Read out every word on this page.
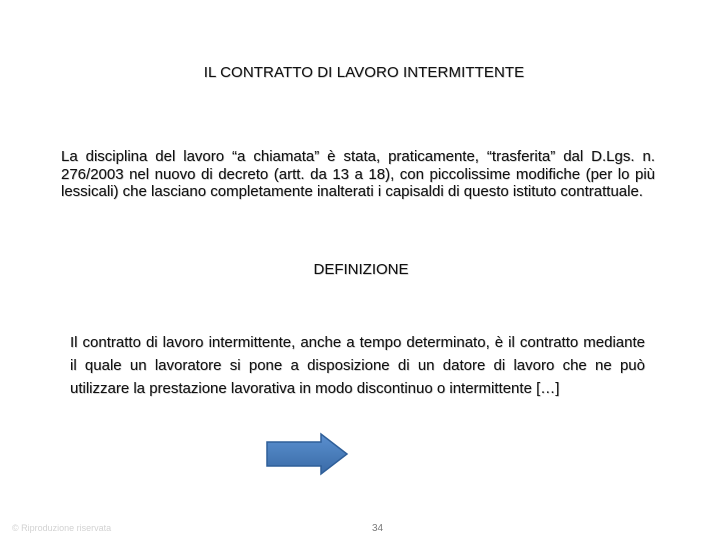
IL CONTRATTO DI LAVORO INTERMITTENTE
La disciplina del lavoro “a chiamata” è stata, praticamente, “trasferita” dal D.Lgs. n. 276/2003 nel nuovo di decreto (artt. da 13 a 18), con piccolissime modifiche (per lo più lessicali) che lasciano completamente inalterati i capisaldi di questo istituto contrattuale.
DEFINIZIONE
Il contratto di lavoro intermittente, anche a tempo determinato, è il contratto mediante il quale un lavoratore si pone a disposizione di un datore di lavoro che ne può utilizzare la prestazione lavorativa in modo discontinuo o intermittente […]
© Riproduzione riservata	34
